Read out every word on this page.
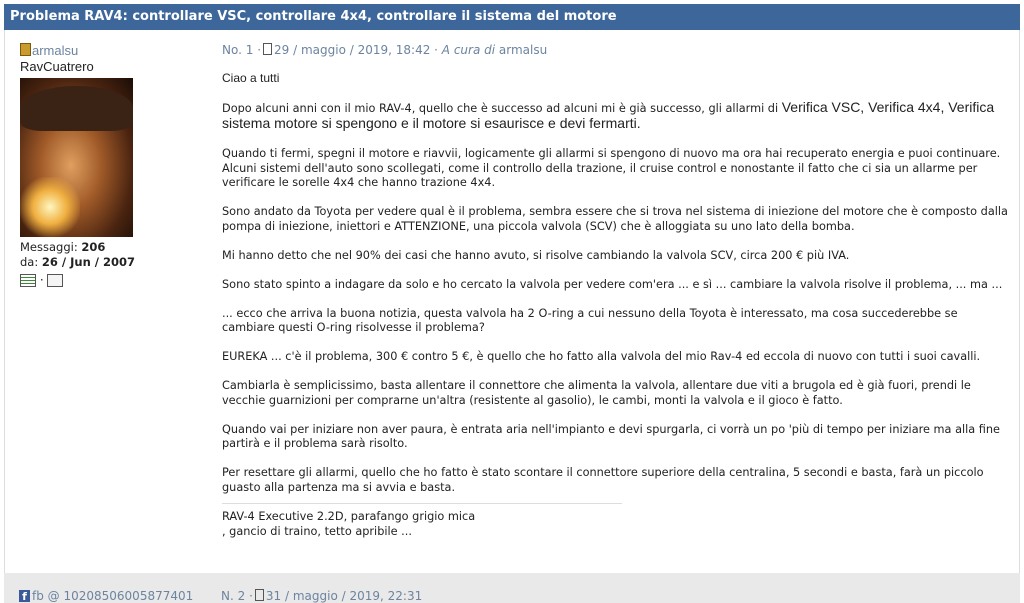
Problema RAV4: controllare VSC, controllare 4x4, controllare il sistema del motore
armalsu
RavCuatrero
Messaggi: 206
da: 26 / Jun / 2007
·
No. 1 · 29 / maggio / 2019, 18:42 · A cura di armalsu

Ciao a tutti

Dopo alcuni anni con il mio RAV-4, quello che è successo ad alcuni mi è già successo, gli allarmi di Verifica VSC, Verifica 4x4, Verifica sistema motore si spengono e il motore si esaurisce e devi fermarti.

Quando ti fermi, spegni il motore e riavvii, logicamente gli allarmi si spengono di nuovo ma ora hai recuperato energia e puoi continuare. Alcuni sistemi dell'auto sono scollegati, come il controllo della trazione, il cruise control e nonostante il fatto che ci sia un allarme per verificare le sorelle 4x4 che hanno trazione 4x4.

Sono andato da Toyota per vedere qual è il problema, sembra essere che si trova nel sistema di iniezione del motore che è composto dalla pompa di iniezione, iniettori e ATTENZIONE, una piccola valvola (SCV) che è alloggiata su uno lato della bomba.

Mi hanno detto che nel 90% dei casi che hanno avuto, si risolve cambiando la valvola SCV, circa 200 € più IVA.

Sono stato spinto a indagare da solo e ho cercato la valvola per vedere com'era ... e sì ... cambiare la valvola risolve il problema, ... ma ...

... ecco che arriva la buona notizia, questa valvola ha 2 O-ring a cui nessuno della Toyota è interessato, ma cosa succederebbe se cambiare questi O-ring risolvesse il problema?

EUREKA ... c'è il problema, 300 € contro 5 €, è quello che ho fatto alla valvola del mio Rav-4 ed eccola di nuovo con tutti i suoi cavalli.

Cambiarla è semplicissimo, basta allentare il connettore che alimenta la valvola, allentare due viti a brugola ed è già fuori, prendi le vecchie guarnizioni per comprarne un'altra (resistente al gasolio), le cambi, monti la valvola e il gioco è fatto.

Quando vai per iniziare non aver paura, è entrata aria nell'impianto e devi spurgarla, ci vorrà un po 'più di tempo per iniziare ma alla fine partirà e il problema sarà risolto.

Per resettare gli allarmi, quello che ho fatto è stato scontare il connettore superiore della centralina, 5 secondi e basta, farà un piccolo guasto alla partenza ma si avvia e basta.

RAV-4 Executive 2.2D, parafango grigio mica
, gancio di traino, tetto apribile ...
f fb @ 10208506005877401 N. 2 · 31 / maggio / 2019, 22:31
